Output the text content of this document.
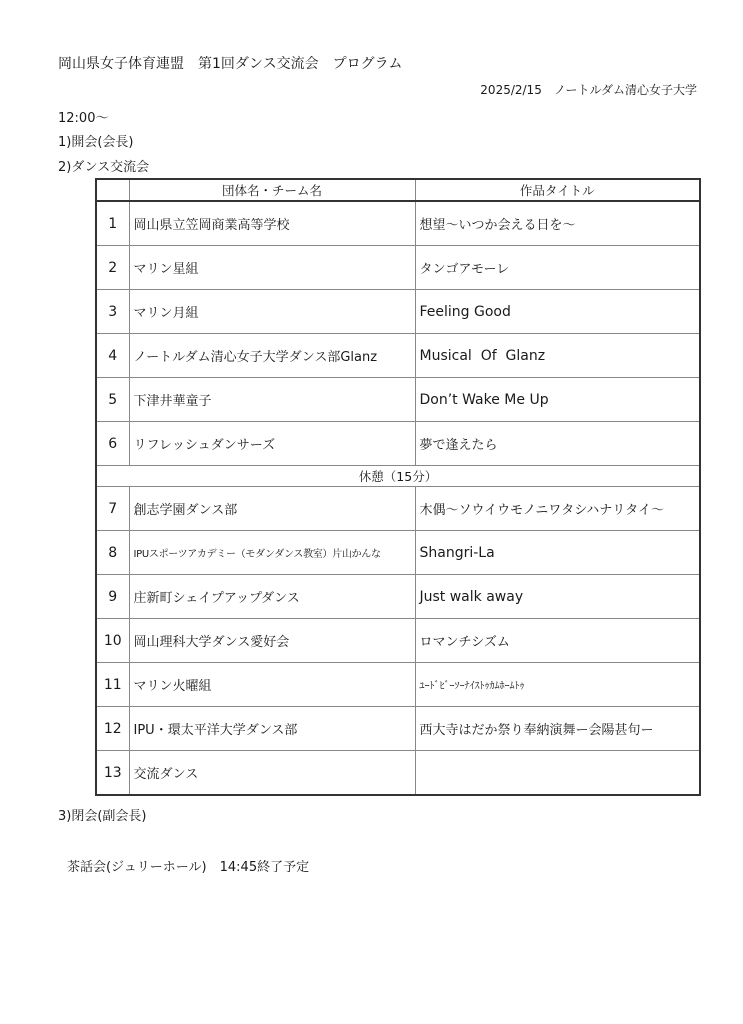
岡山県女子体育連盟　第1回ダンス交流会　プログラム
2025/2/15　ノートルダム清心女子大学
12:00～
1)開会(会長)
2)ダンス交流会
	団体名・チーム名	作品タイトル
1	岡山県立笠岡商業高等学校	想望～いつか会える日を～
2	マリン星組	タンゴアモーレ
3	マリン月組	Feeling Good
4	ノートルダム清心女子大学ダンス部Glanz	Musical  Of  Glanz
5	下津井華童子	Don’t Wake Me Up
6	リフレッシュダンサーズ	夢で逢えたら
休憩（15分）		
7	創志学園ダンス部	木偶～ソウイウモノニワタシハナリタイ～
8	IPUスポーツアカデミー（モダンダンス教室）片山かんな	Shangri-La
9	庄新町シェイプアップダンス	Just walk away
10	岡山理科大学ダンス愛好会	ロマンチシズム
11	マリン火曜組	ﾕｰﾄﾞﾋﾞｰｿｰﾅｲｽﾄｩｶﾑﾎｰﾑﾄｩ
12	IPU・環太平洋大学ダンス部	西大寺はだか祭り奉納演舞ー会陽甚句ー
13	交流ダンス	
3)閉会(副会長)
茶話会(ジュリーホール)　14:45終了予定
